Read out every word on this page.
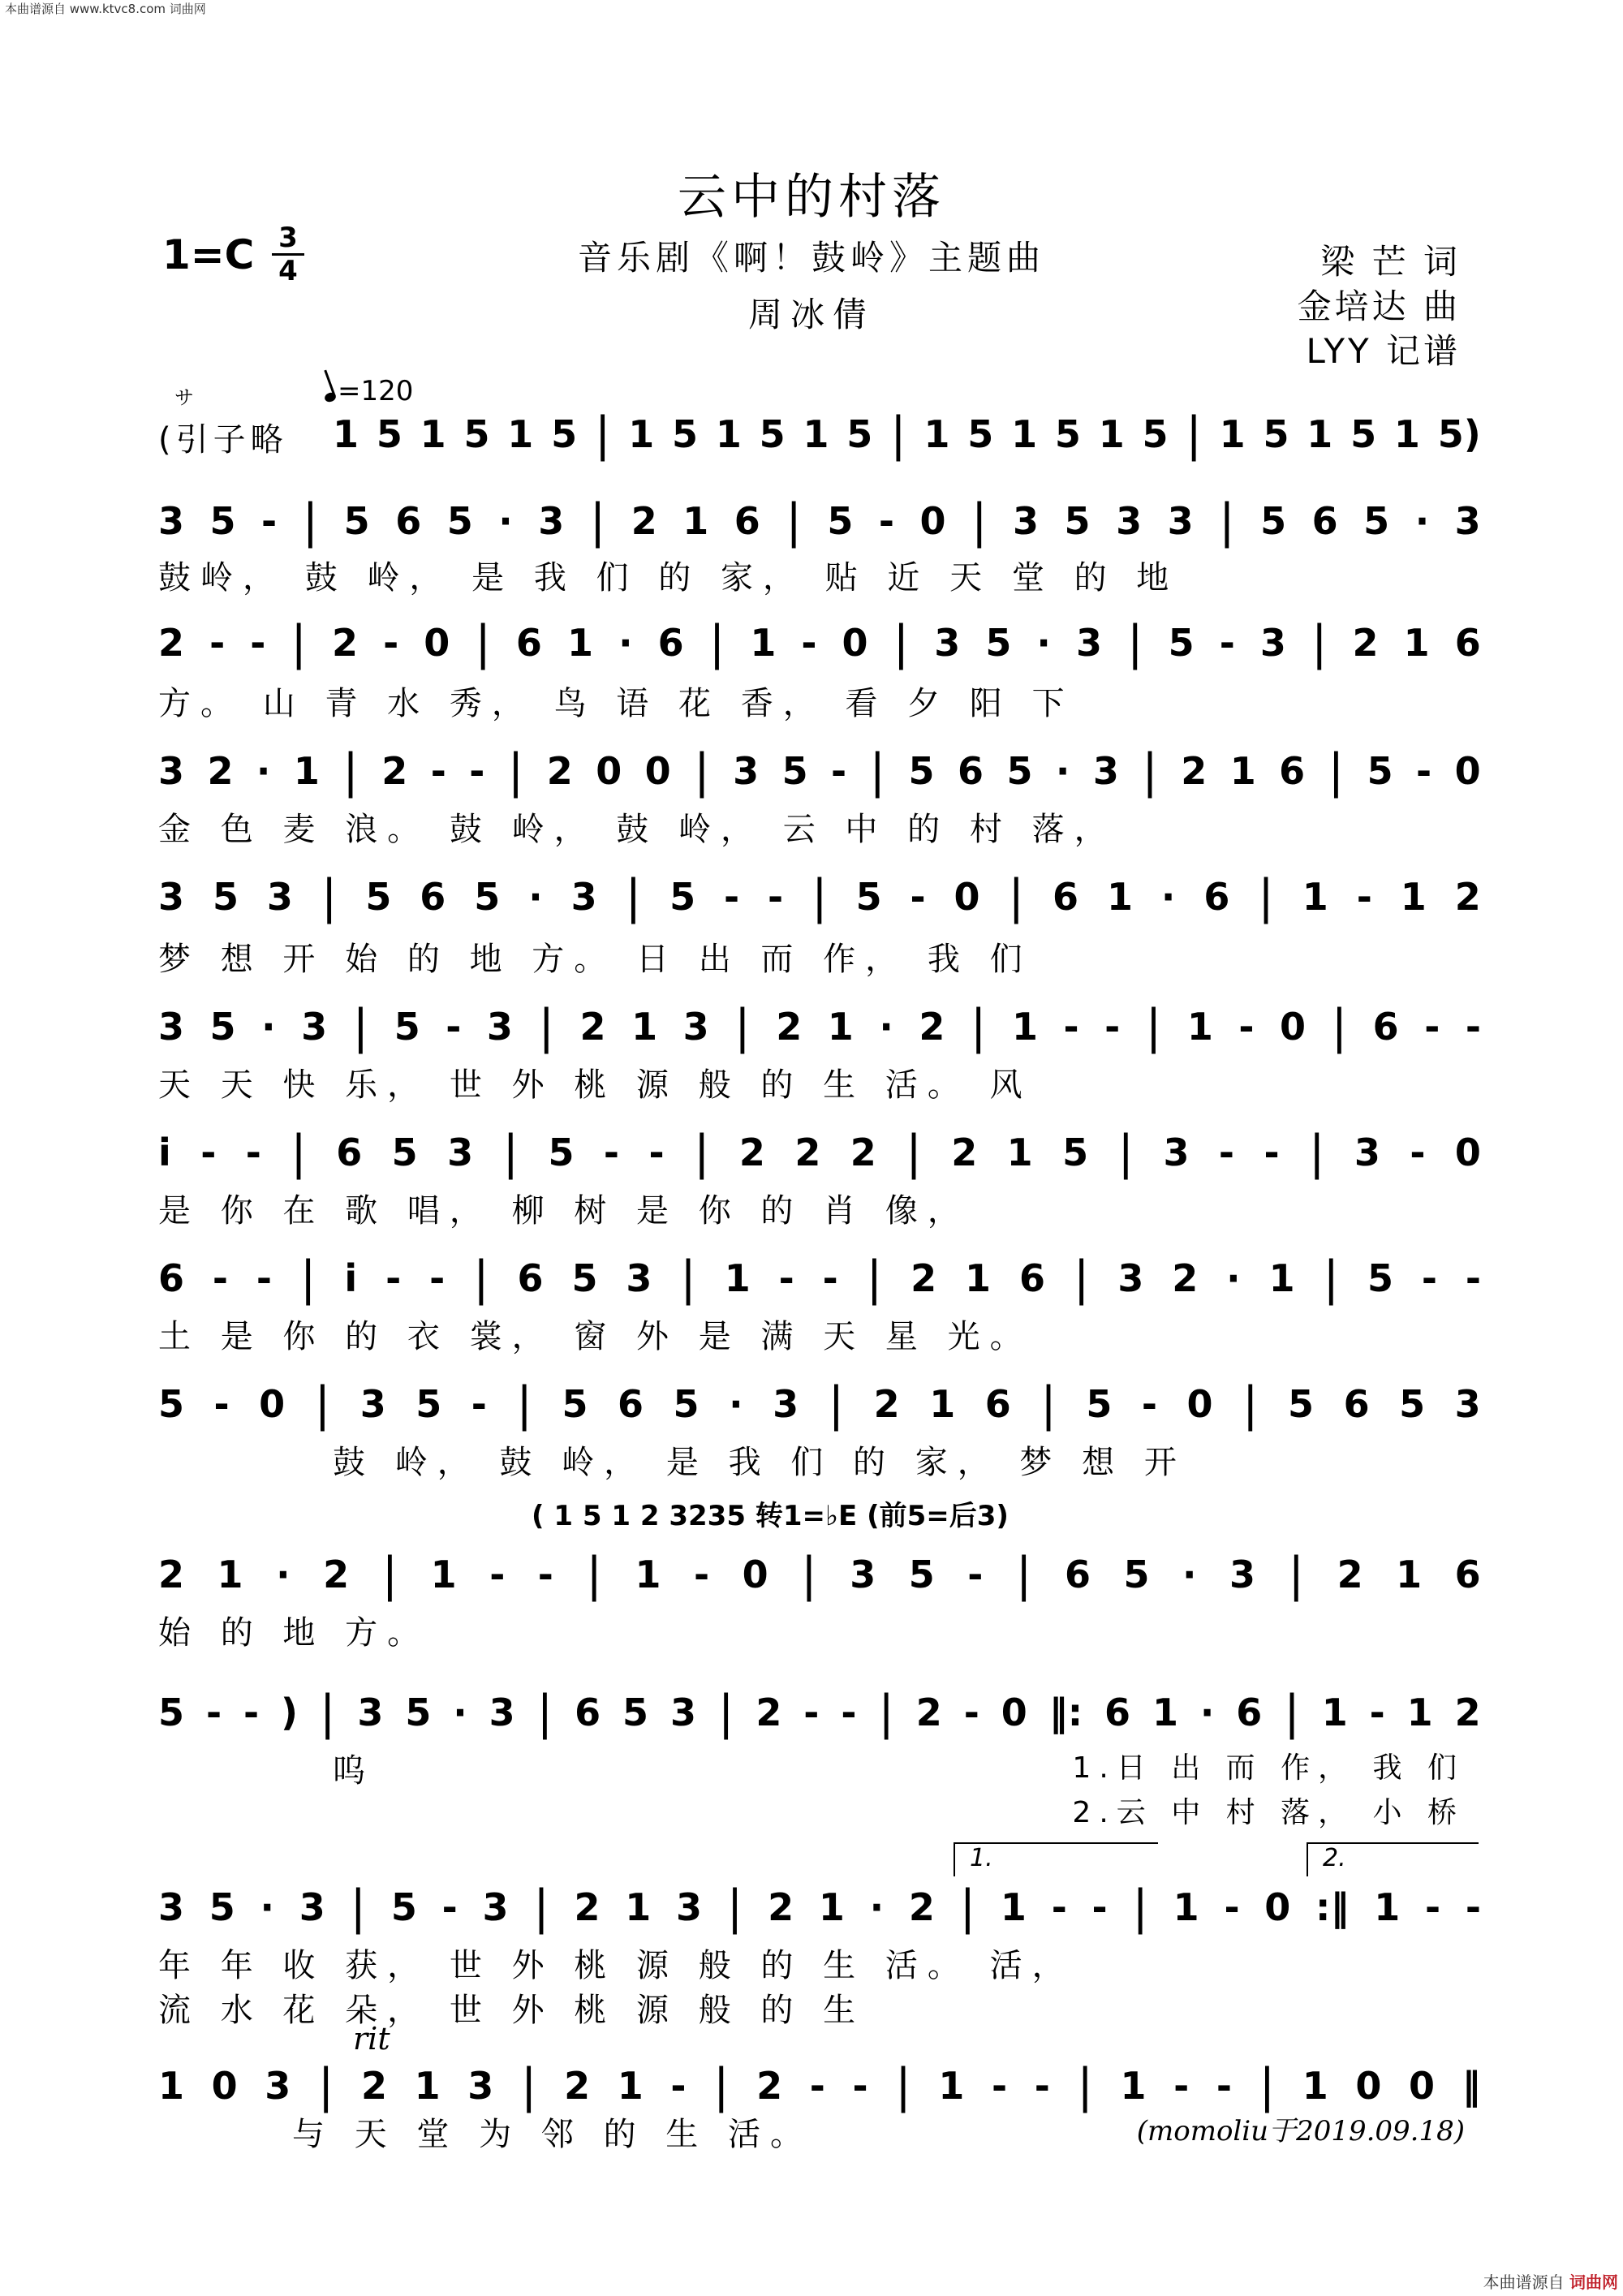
本曲谱源自 www.ktvc8.com 词曲网
云中的村落
1=C 3
4	音乐剧《啊！鼓岭》主题曲
周冰倩
梁 芒 词
金培达 曲
LYY 记谱
=120
サ
(引子略 1 5 1 5 1 5 | 1 5 1 5 1 5 | 1 5 1 5 1 5 | 1 5 1 5 1 5)
3 5 - | 5 6 5 · 3 | 2 1 6 | 5 - 0 | 3 5 3 3 | 5 6 5 · 3
鼓岭， 鼓 岭， 是 我 们 的 家， 贴 近 天 堂 的 地
2 - - | 2 - 0 | 6 1 · 6 | 1 - 0 | 3 5 · 3 | 5 - 3 | 2 1 6
方。 山 青 水 秀， 鸟 语 花 香， 看 夕 阳 下
3 2 · 1 | 2 - - | 2 0 0 | 3 5 - | 5 6 5 · 3 | 2 1 6 | 5 - 0
金 色 麦 浪。 鼓 岭， 鼓 岭， 云 中 的 村 落，
3 5 3 | 5 6 5 · 3 | 5 - - | 5 - 0 | 6 1 · 6 | 1 - 1 2
梦 想 开 始 的 地 方。 日 出 而 作， 我 们
3 5 · 3 | 5 - 3 | 2 1 3 | 2 1 · 2 | 1 - - | 1 - 0 | 6 - -
天 天 快 乐， 世 外 桃 源 般 的 生 活。 风
i - - | 6 5 3 | 5 - - | 2 2 2 | 2 1 5 | 3 - - | 3 - 0
是 你 在 歌 唱， 柳 树 是 你 的 肖 像，
6 - - | i - - | 6 5 3 | 1 - - | 2 1 6 | 3 2 · 1 | 5 - -
土 是 你 的 衣 裳， 窗 外 是 满 天 星 光。
5 - 0 | 3 5 - | 5 6 5 · 3 | 2 1 6 | 5 - 0 | 5 6 5 3
鼓 岭， 鼓 岭， 是 我 们 的 家， 梦 想 开
( 1 5 1 2 3235 转1=♭E (前5=后3)
2 1 · 2 | 1 - - | 1 - 0 | 3 5 - | 6 5 · 3 | 2 1 6
始 的 地 方。
5 - - ) | 3 5 · 3 | 6 5 3 | 2 - - | 2 - 0 ‖: 6 1 · 6 | 1 - 1 2
呜	1.日 出 而 作， 我 们
2.云 中 村 落， 小 桥
1.	2.
3 5 · 3 | 5 - 3 | 2 1 3 | 2 1 · 2 | 1 - - | 1 - 0 :‖ 1 - -
年 年 收 获， 世 外 桃 源 般 的 生 活。 活，
流 水 花 朵， 世 外 桃 源 般 的 生
rit
1 0 3 | 2 1 3 | 2 1 - | 2 - - | 1 - - | 1 - - | 1 0 0 ‖
与 天 堂 为 邻 的 生 活。	(momoliu于2019.09.18)
本曲谱源自 词曲网
